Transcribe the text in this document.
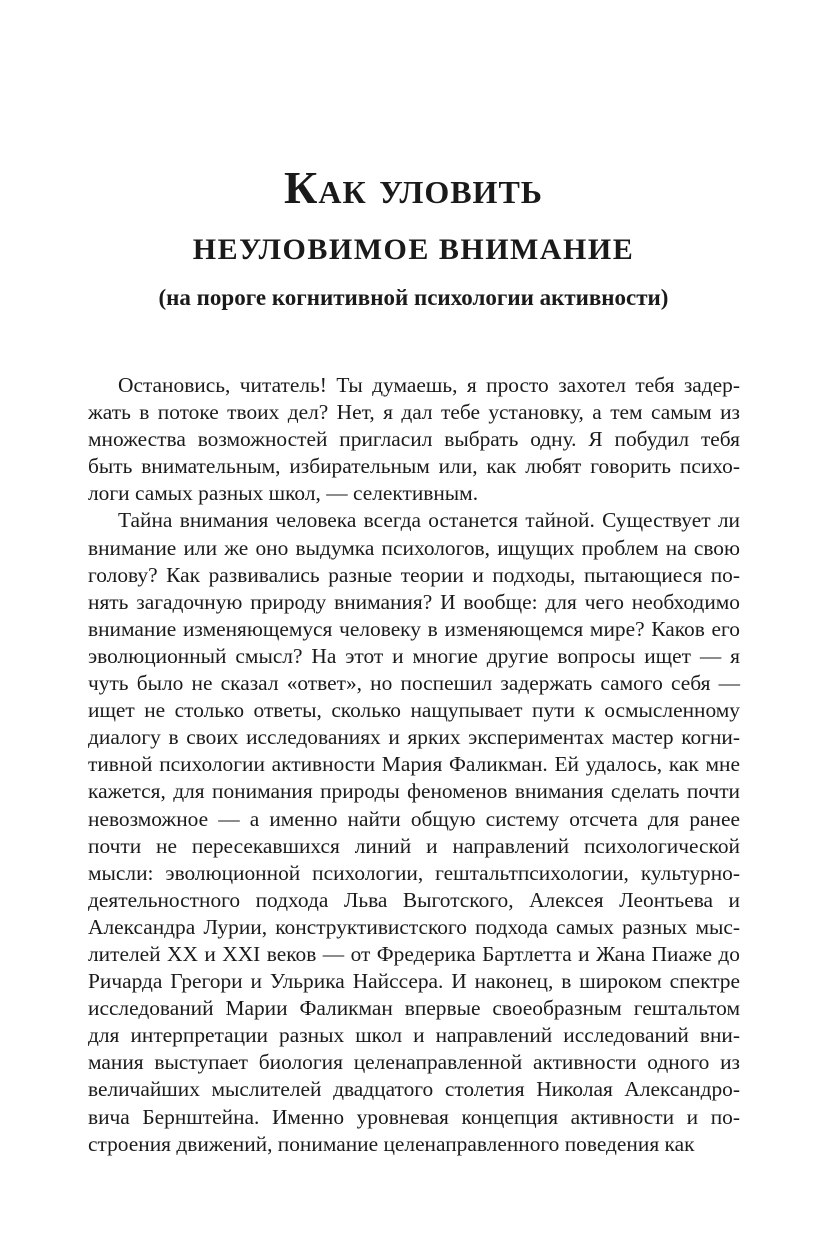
Как уловить
НЕУЛОВИМОЕ ВНИМАНИЕ
(на пороге когнитивной психологии активности)

Остановись, читатель! Ты думаешь, я просто захотел тебя задержать в потоке твоих дел? Нет, я дал тебе установку, а тем самым из множества возможностей пригласил выбрать одну. Я побудил тебя быть внимательным, избирательным или, как любят говорить психологи самых разных школ, — селективным.

Тайна внимания человека всегда останется тайной. Существует ли внимание или же оно выдумка психологов, ищущих проблем на свою голову? Как развивались разные теории и подходы, пытающиеся понять загадочную природу внимания? И вообще: для чего необходимо внимание изменяющемуся человеку в изменяющемся мире? Каков его эволюционный смысл? На этот и многие другие вопросы ищет — я чуть было не сказал «ответ», но поспешил задержать самого себя — ищет не столько ответы, сколько нащупывает пути к осмысленному диалогу в своих исследованиях и ярких экспериментах мастер когнитивной психологии активности Мария Фаликман. Ей удалось, как мне кажется, для понимания природы феноменов внимания сделать почти невозможное — а именно найти общую систему отсчета для ранее почти не пересекавшихся линий и направлений психологической мысли: эволюционной психологии, гештальтпсихологии, культурно-деятельностного подхода Льва Выготского, Алексея Леонтьева и Александра Лурии, конструктивистского подхода самых разных мыслителей XX и XXI веков — от Фредерика Бартлетта и Жана Пиаже до Ричарда Грегори и Ульрика Найссера. И наконец, в широком спектре исследований Марии Фаликман впервые своеобразным гештальтом для интерпретации разных школ и направлений исследований внимания выступает биология целенаправленной активности одного из величайших мыслителей двадцатого столетия Николая Александровича Бернштейна. Именно уровневая концепция активности и построения движений, понимание целенаправленного поведения как
